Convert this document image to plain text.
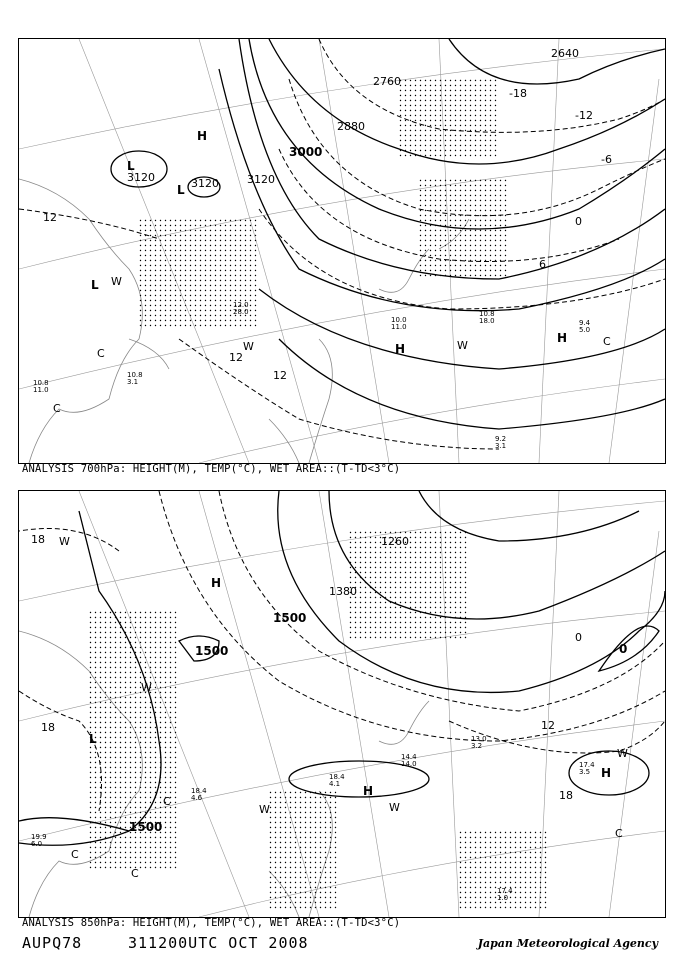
H
L
L
L
H
H
2640
2760
2880
3000
3120	3120	3120
-18
-12
-6
0
6
12
12
12
C
C
C
W
W	W
10.8
18.0
10.0
11.0	9.4
5.0
9.2
3.1
12.0
28.0
10.8
3.1
10.8
11.0
ANALYSIS 700hPa: HEIGHT(M), TEMP(°C), WET AREA::(T-TD<3°C)
H
H
H
L
1260
1380
1500
1500
1500
18
18
18
12
0
0
W
W
W	W
W
C
C
C
C
13.0
3.2
17.4
3.5
17.4
1.0
18.4
4.1
18.4
4.6
14.4
14.0
19.9
6.0
ANALYSIS 850hPa: HEIGHT(M), TEMP(°C), WET AREA::(T-TD<3°C)
AUPQ78	311200UTC OCT 2008	Japan Meteorological Agency
